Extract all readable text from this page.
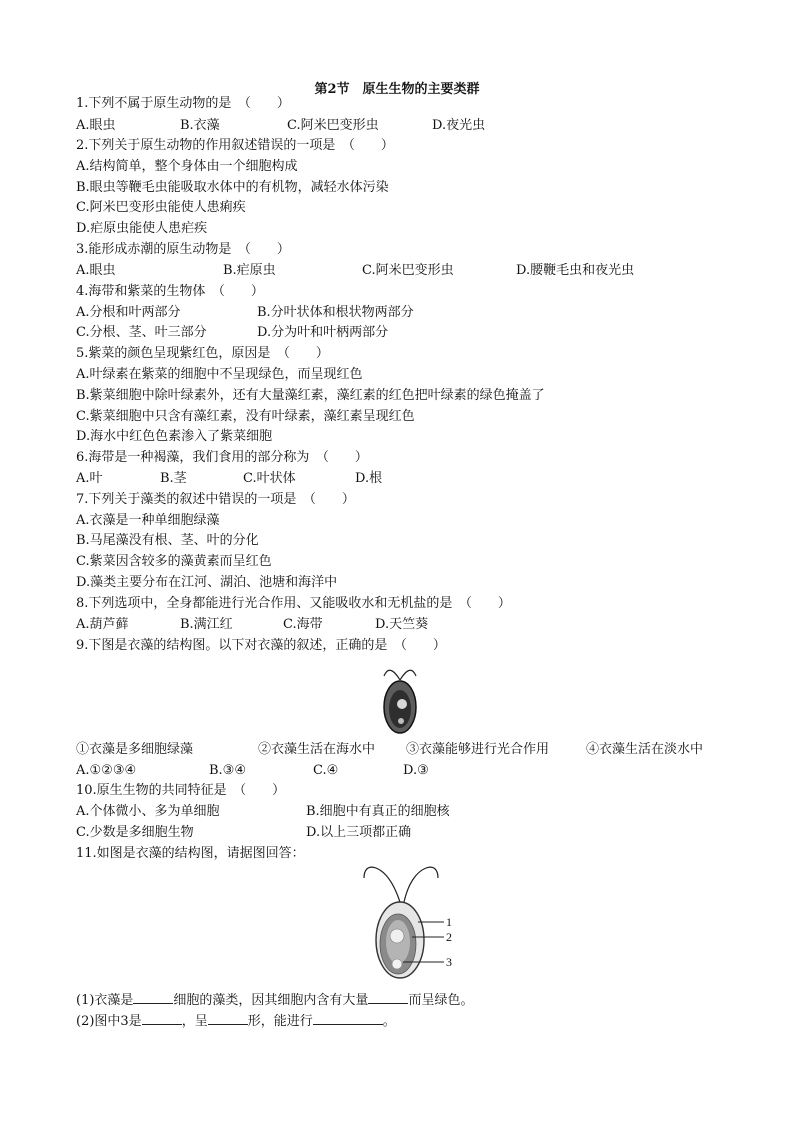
第2节　原生生物的主要类群
1.下列不属于原生动物的是　（　　）
A.眼虫	B.衣藻	C.阿米巴变形虫	D.夜光虫
2.下列关于原生动物的作用叙述错误的一项是　（　　）
A.结构简单，整个身体由一个细胞构成
B.眼虫等鞭毛虫能吸取水体中的有机物，减轻水体污染
C.阿米巴变形虫能使人患痢疾
D.疟原虫能使人患疟疾
3.能形成赤潮的原生动物是　（　　）
A.眼虫	B.疟原虫	C.阿米巴变形虫	D.腰鞭毛虫和夜光虫
4.海带和紫菜的生物体　（　　）
A.分根和叶两部分	B.分叶状体和根状物两部分
C.分根、茎、叶三部分	D.分为叶和叶柄两部分
5.紫菜的颜色呈现紫红色，原因是　（　　）
A.叶绿素在紫菜的细胞中不呈现绿色，而呈现红色
B.紫菜细胞中除叶绿素外，还有大量藻红素，藻红素的红色把叶绿素的绿色掩盖了
C.紫菜细胞中只含有藻红素，没有叶绿素，藻红素呈现红色
D.海水中红色色素渗入了紫菜细胞
6.海带是一种褐藻，我们食用的部分称为　（　　）
A.叶	B.茎	C.叶状体	D.根
7.下列关于藻类的叙述中错误的一项是　（　　）
A.衣藻是一种单细胞绿藻
B.马尾藻没有根、茎、叶的分化
C.紫菜因含较多的藻黄素而呈红色
D.藻类主要分布在江河、湖泊、池塘和海洋中
8.下列选项中，全身都能进行光合作用、又能吸收水和无机盐的是　（　　）
A.葫芦藓	B.满江红	C.海带	D.天竺葵
9.下图是衣藻的结构图。以下对衣藻的叙述，正确的是　（　　）
①衣藻是多细胞绿藻	②衣藻生活在海水中 ③衣藻能够进行光合作用	④衣藻生活在淡水中
A.①②③④	B.③④	C.④	D.③
10.原生生物的共同特征是　（　　）
A.个体微小、多为单细胞	B.细胞中有真正的细胞核
C.少数是多细胞生物	D.以上三项都正确
11.如图是衣藻的结构图，请据图回答：
1
2
3
(1)衣藻是	细胞的藻类，因其细胞内含有大量	而呈绿色。
(2)图中3是	，呈	形，能进行	。
